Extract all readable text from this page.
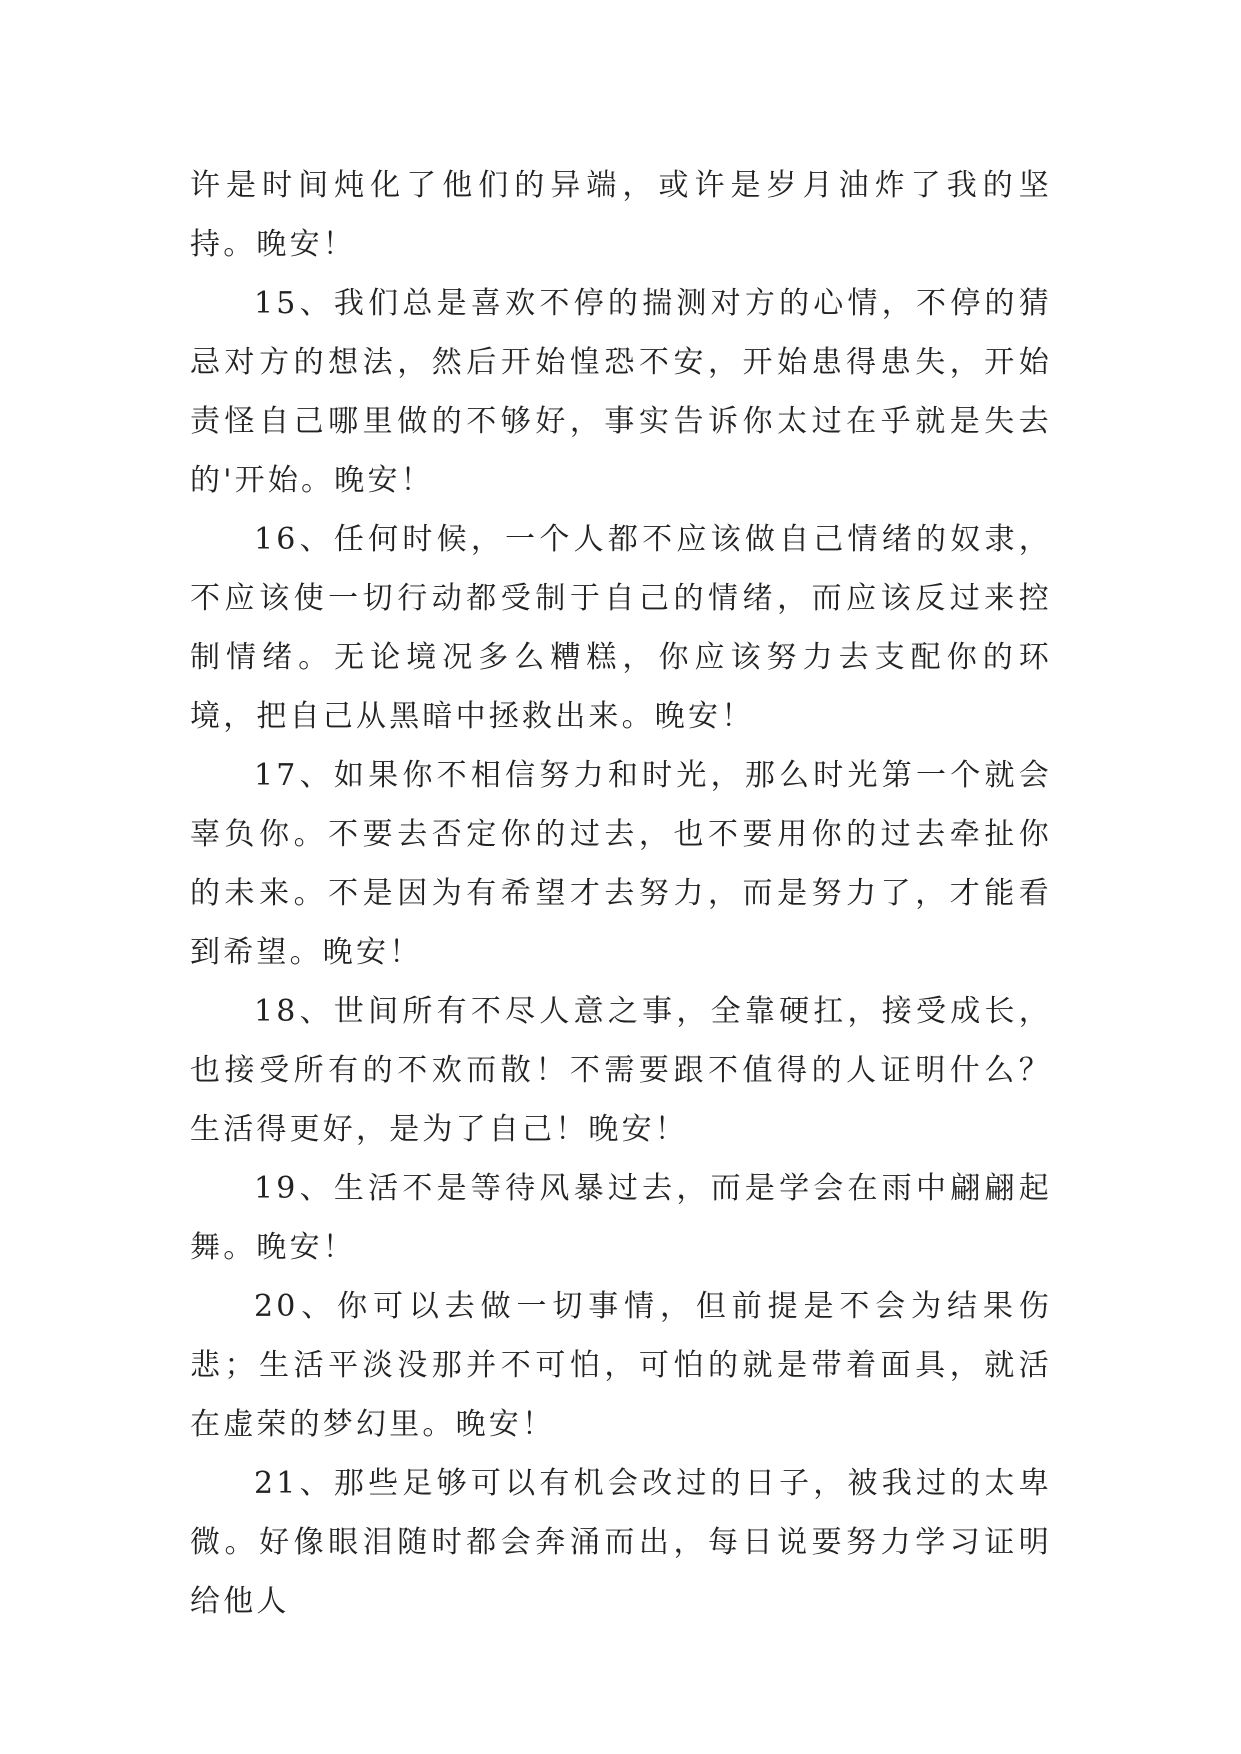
许是时间炖化了他们的异端，或许是岁月油炸了我的坚持。晚安！

15、我们总是喜欢不停的揣测对方的心情，不停的猜忌对方的想法，然后开始惶恐不安，开始患得患失，开始责怪自己哪里做的不够好，事实告诉你太过在乎就是失去的'开始。晚安！

16、任何时候，一个人都不应该做自己情绪的奴隶，不应该使一切行动都受制于自己的情绪，而应该反过来控制情绪。无论境况多么糟糕，你应该努力去支配你的环境，把自己从黑暗中拯救出来。晚安！

17、如果你不相信努力和时光，那么时光第一个就会辜负你。不要去否定你的过去，也不要用你的过去牵扯你的未来。不是因为有希望才去努力，而是努力了，才能看到希望。晚安！

18、世间所有不尽人意之事，全靠硬扛，接受成长，也接受所有的不欢而散！不需要跟不值得的人证明什么？生活得更好，是为了自己！晚安！

19、生活不是等待风暴过去，而是学会在雨中翩翩起舞。晚安！

20、你可以去做一切事情，但前提是不会为结果伤悲；生活平淡没那并不可怕，可怕的就是带着面具，就活在虚荣的梦幻里。晚安！

21、那些足够可以有机会改过的日子，被我过的太卑微。好像眼泪随时都会奔涌而出，每日说要努力学习证明给他人
